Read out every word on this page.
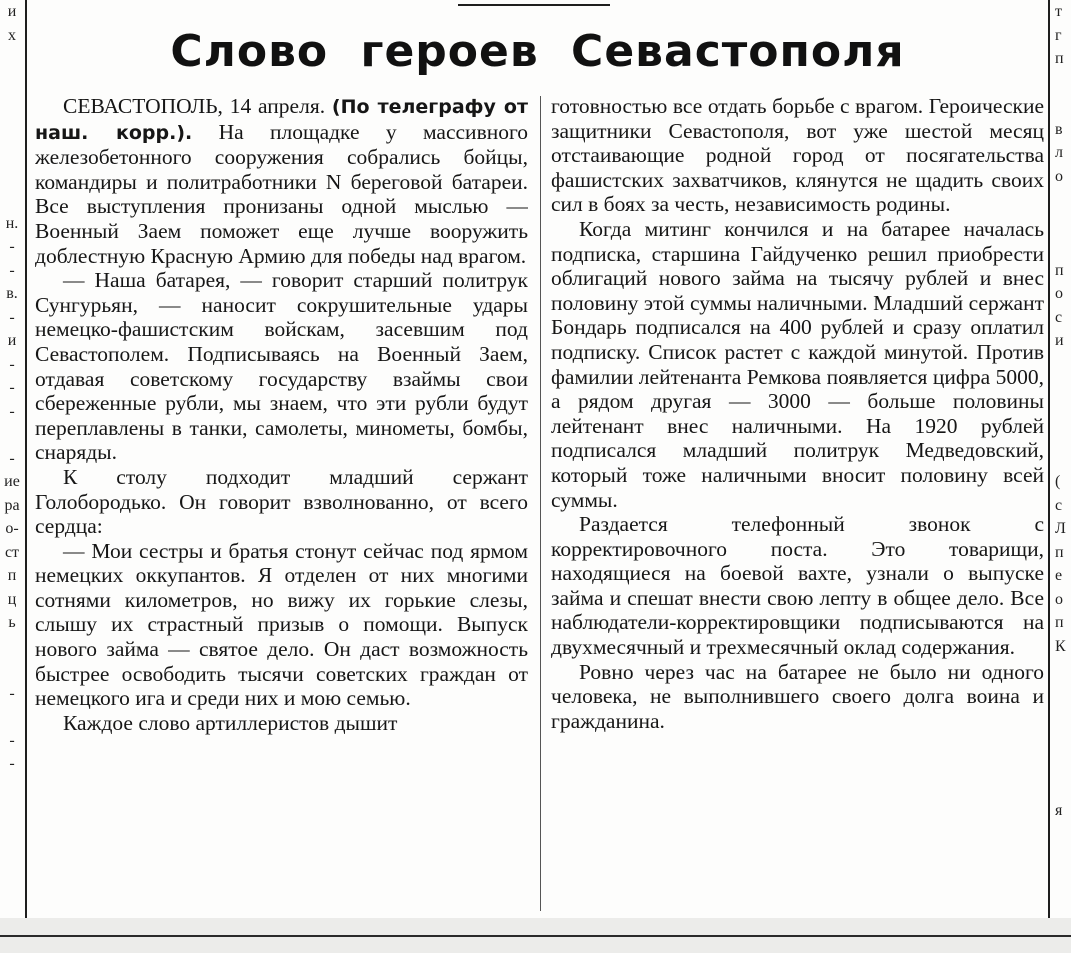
и
х
н.
-
-
в.
-
и
-
-
-
-
ие
ра
о-
ст
п
ц
ь
-
-
-
т
г
п
в
л
о
п
о
с
и
(
с
Л
п
е
о
п
К
я
Слово героев Севастополя

СЕВАСТОПОЛЬ, 14 апреля. (По телеграфу от наш. корр.). На площадке у массивного железобетонного сооружения собрались бойцы, командиры и политработники N береговой батареи. Все выступления пронизаны одной мыслью — Военный Заем поможет еще лучше вооружить доблестную Красную Армию для победы над врагом.

— Наша батарея, — говорит старший политрук Сунгурьян, — наносит сокрушительные удары немецко-фашистским войскам, засевшим под Севастополем. Подписываясь на Военный Заем, отдавая советскому государству взаймы свои сбереженные рубли, мы знаем, что эти рубли будут переплавлены в танки, самолеты, минометы, бомбы, снаряды.

К столу подходит младший сержант Голобородько. Он говорит взволнованно, от всего сердца:

— Мои сестры и братья стонут сейчас под ярмом немецких оккупантов. Я отделен от них многими сотнями километров, но вижу их горькие слезы, слышу их страстный призыв о помощи. Выпуск нового займа — святое дело. Он даст возможность быстрее освободить тысячи советских граждан от немецкого ига и среди них и мою семью.

Каждое слово артиллеристов дышит

готовностью все отдать борьбе с врагом. Героические защитники Севастополя, вот уже шестой месяц отстаивающие родной город от посягательства фашистских захватчиков, клянутся не щадить своих сил в боях за честь, независимость родины.

Когда митинг кончился и на батарее началась подписка, старшина Гайдученко решил приобрести облигаций нового займа на тысячу рублей и внес половину этой суммы наличными. Младший сержант Бондарь подписался на 400 рублей и сразу оплатил подписку. Список растет с каждой минутой. Против фамилии лейтенанта Ремкова появляется цифра 5000, а рядом другая — 3000 — больше половины лейтенант внес наличными. На 1920 рублей подписался младший политрук Медведовский, который тоже наличными вносит половину всей суммы.

Раздается телефонный звонок с корректировочного поста. Это товарищи, находящиеся на боевой вахте, узнали о выпуске займа и спешат внести свою лепту в общее дело. Все наблюдатели-корректировщики подписываются на двухмесячный и трехмесячный оклад содержания.

Ровно через час на батарее не было ни одного человека, не выполнившего своего долга воина и гражданина.
